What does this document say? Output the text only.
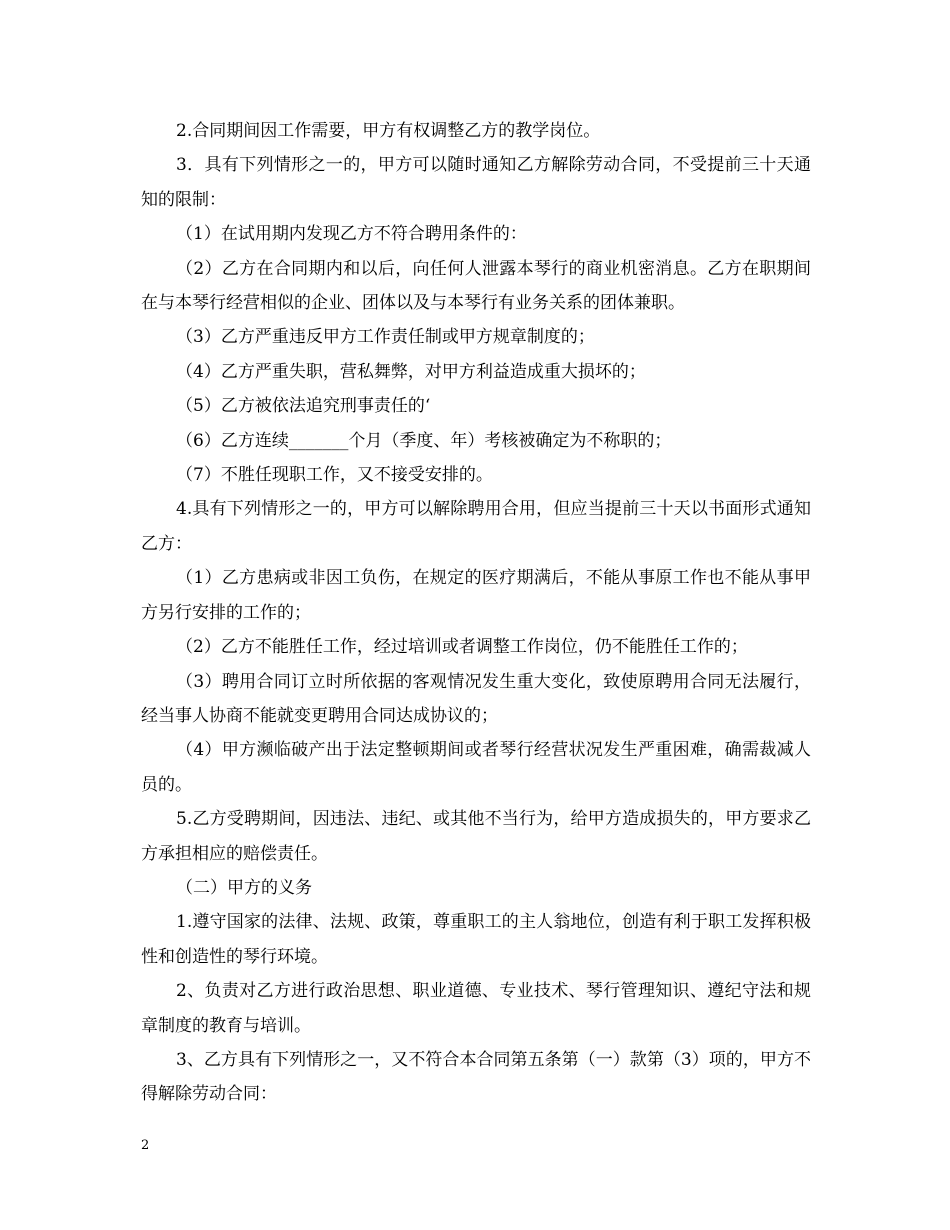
2.合同期间因工作需要，甲方有权调整乙方的教学岗位。

3．具有下列情形之一的，甲方可以随时通知乙方解除劳动合同，不受提前三十天通知的限制：

（1）在试用期内发现乙方不符合聘用条件的：

（2）乙方在合同期内和以后，向任何人泄露本琴行的商业机密消息。乙方在职期间在与本琴行经营相似的企业、团体以及与本琴行有业务关系的团体兼职。

（3）乙方严重违反甲方工作责任制或甲方规章制度的；

（4）乙方严重失职，营私舞弊，对甲方利益造成重大损坏的；

（5）乙方被依法追究刑事责任的‘

（6）乙方连续_______个月（季度、年）考核被确定为不称职的；

（7）不胜任现职工作，又不接受安排的。

4.具有下列情形之一的，甲方可以解除聘用合用，但应当提前三十天以书面形式通知乙方：

（1）乙方患病或非因工负伤，在规定的医疗期满后，不能从事原工作也不能从事甲方另行安排的工作的；

（2）乙方不能胜任工作，经过培训或者调整工作岗位，仍不能胜任工作的；

（3）聘用合同订立时所依据的客观情况发生重大变化，致使原聘用合同无法履行，经当事人协商不能就变更聘用合同达成协议的；

（4）甲方濒临破产出于法定整顿期间或者琴行经营状况发生严重困难，确需裁减人员的。

5.乙方受聘期间，因违法、违纪、或其他不当行为，给甲方造成损失的，甲方要求乙方承担相应的赔偿责任。

（二）甲方的义务

1.遵守国家的法律、法规、政策，尊重职工的主人翁地位，创造有利于职工发挥积极性和创造性的琴行环境。

2、负责对乙方进行政治思想、职业道德、专业技术、琴行管理知识、遵纪守法和规章制度的教育与培训。

3、乙方具有下列情形之一，又不符合本合同第五条第（一）款第（3）项的，甲方不得解除劳动合同：

2
